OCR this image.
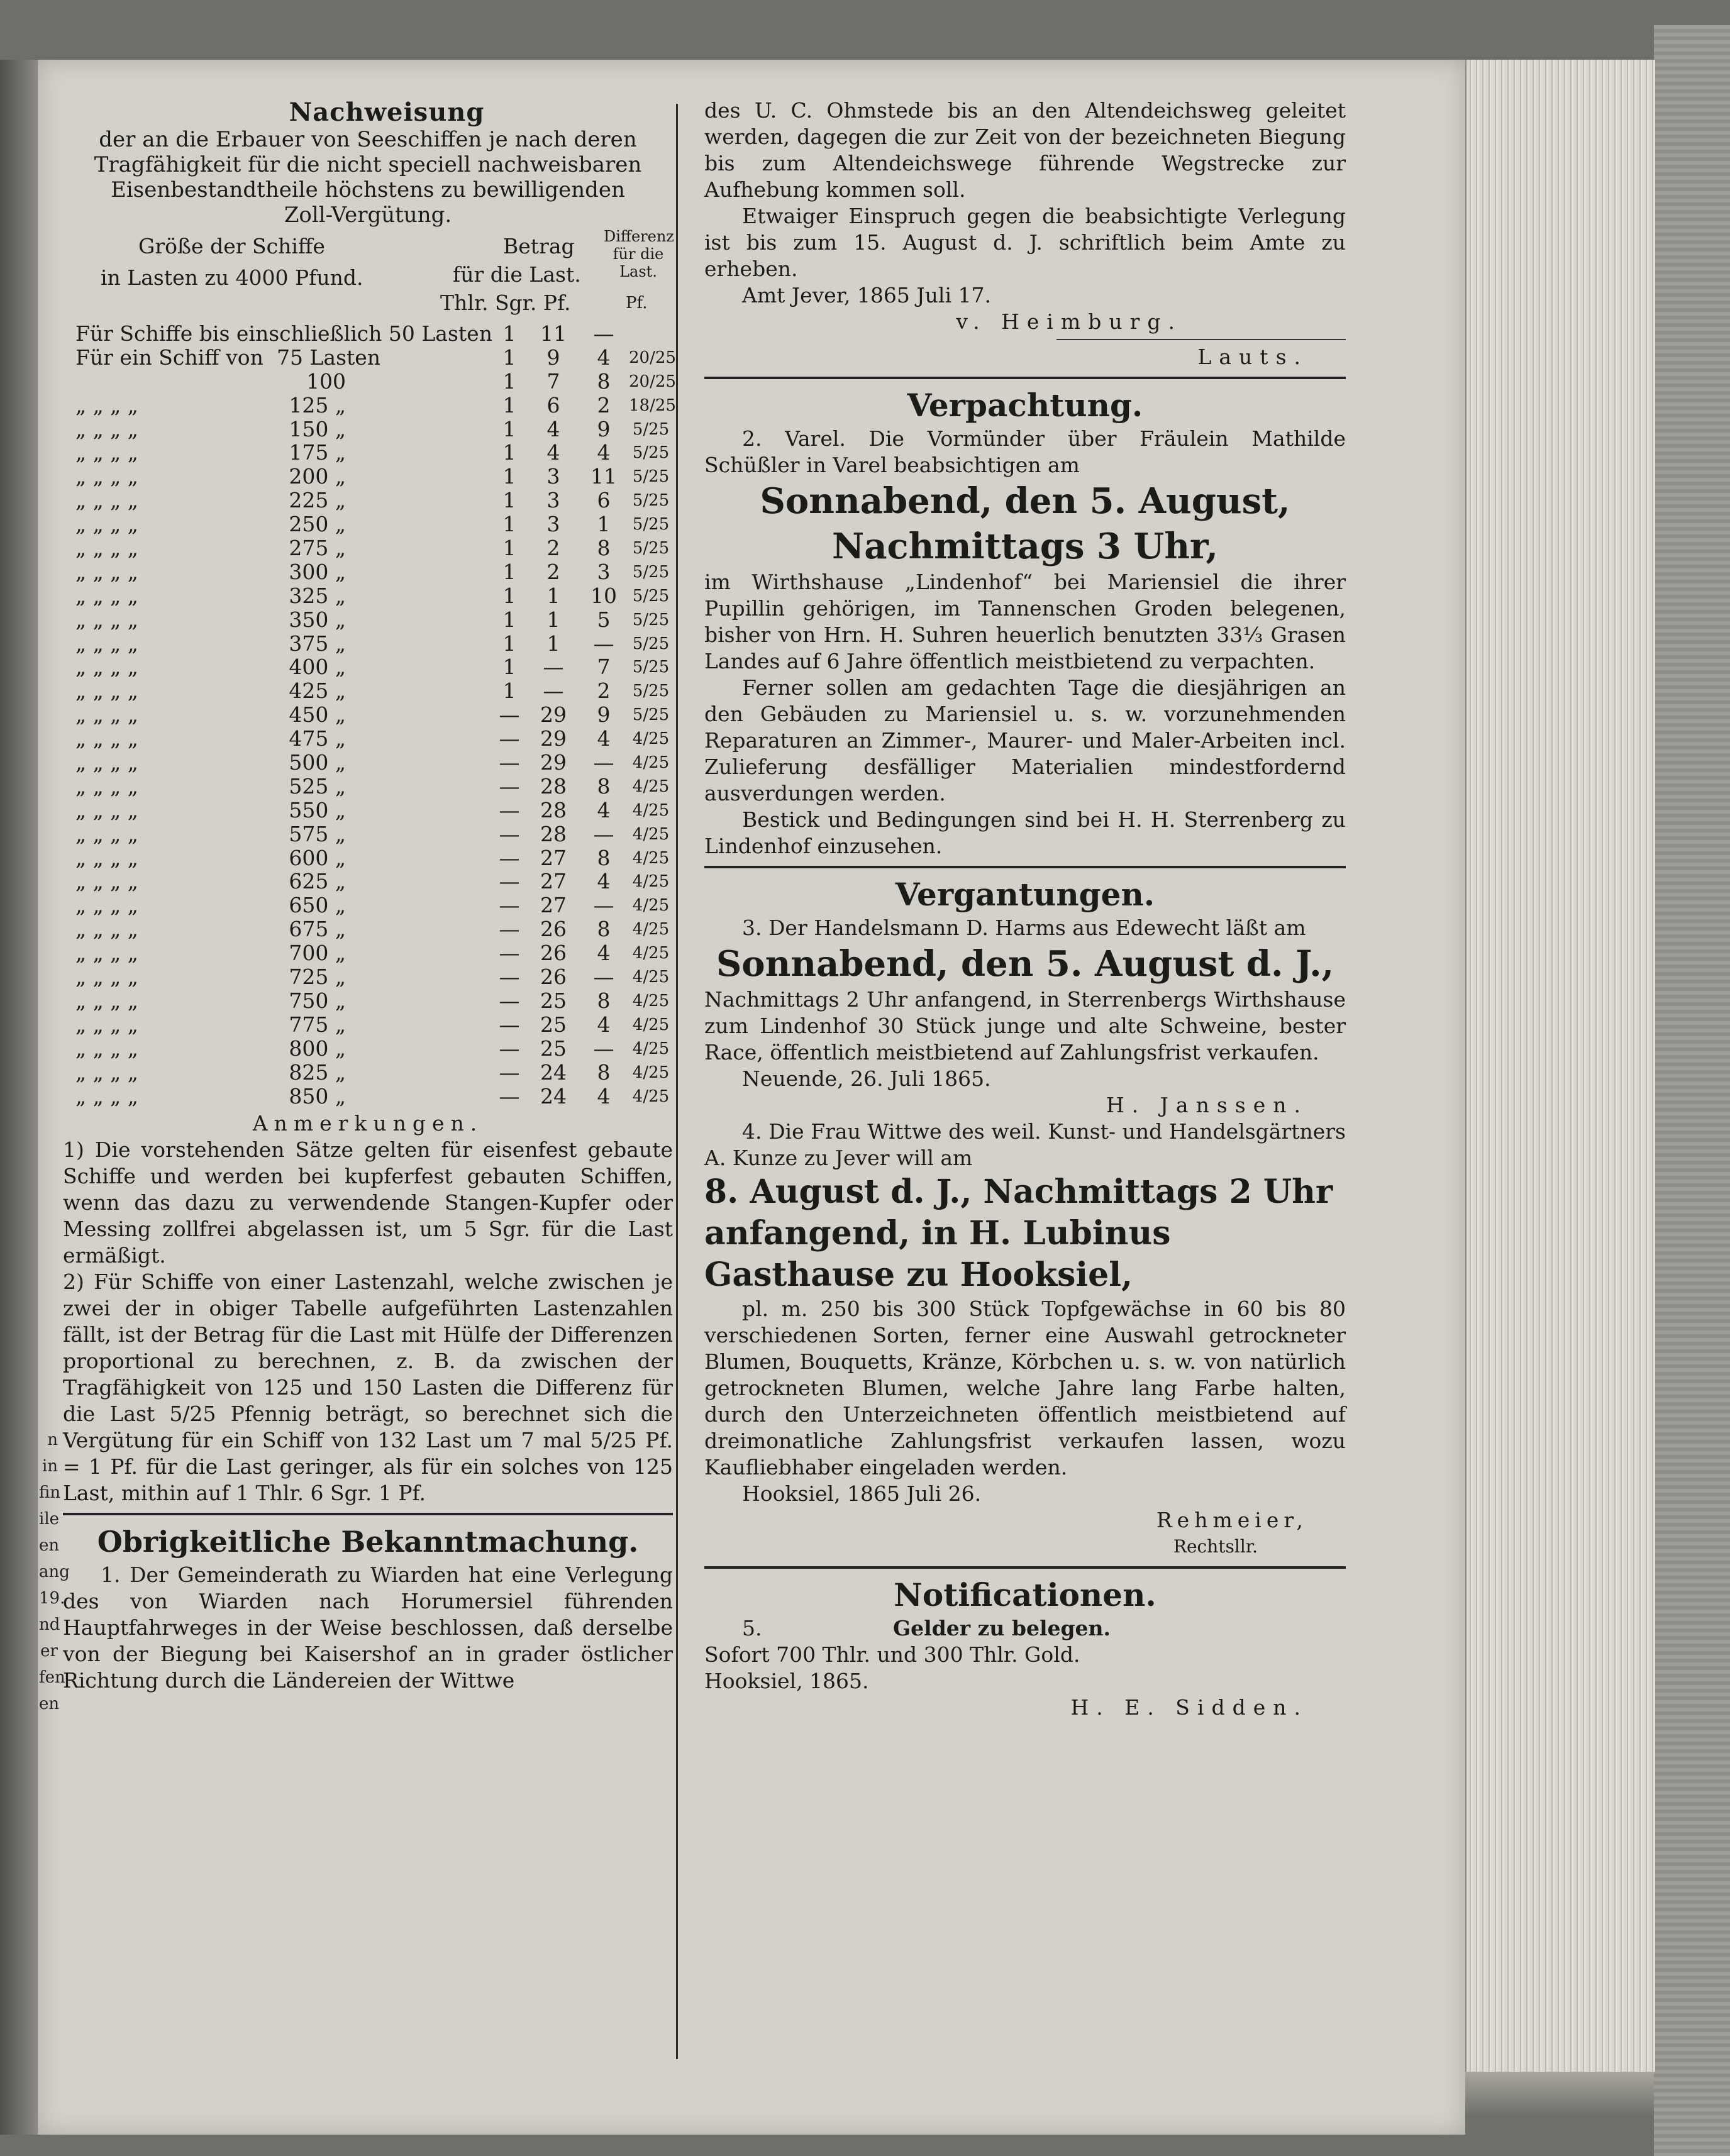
n
in
fin
ile
en
ang
19.
nd
er
fen
en
Nachweisung

der an die Erbauer von Seeschiffen je nach deren

Tragfähigkeit für die nicht speciell nachweisbaren

Eisenbestandtheile höchstens zu bewilligenden

Zoll-Vergütung.

Größe der Schiffe
in Lasten zu 4000 Pfund.
Betrag
für die Last.
Thlr. Sgr. Pf.
Differenz für die Last.
Pf.
Für Schiffe bis einschließlich 50 Lasten 1	11	—
Für ein Schiff von 75 Lasten	1	9	4	20/25
100	1	7	8	20/25
„ „ „ „	125 „	1	6	2	18/25
„ „ „ „	150 „	1	4	9	5/25
„ „ „ „	175 „	1	4	4	5/25
„ „ „ „	200 „	1	3	11 5/25
„ „ „ „	225 „	1	3	6	5/25
„ „ „ „	250 „	1	3	1	5/25
„ „ „ „	275 „	1	2	8	5/25
„ „ „ „	300 „	1	2	3	5/25
„ „ „ „	325 „	1	1	10 5/25
„ „ „ „	350 „	1	1	5	5/25
„ „ „ „	375 „	1	1	—	5/25
„ „ „ „	400 „	1	—	7	5/25
„ „ „ „	425 „	1	—	2	5/25
„ „ „ „	450 „	— 29	9	5/25
„ „ „ „	475 „	— 29	4	4/25
„ „ „ „	500 „	— 29	—	4/25
„ „ „ „	525 „	— 28	8	4/25
„ „ „ „	550 „	— 28	4	4/25
„ „ „ „	575 „	— 28	—	4/25
„ „ „ „	600 „	— 27	8	4/25
„ „ „ „	625 „	— 27	4	4/25
„ „ „ „	650 „	— 27	—	4/25
„ „ „ „	675 „	— 26	8	4/25
„ „ „ „	700 „	— 26	4	4/25
„ „ „ „	725 „	— 26	—	4/25
„ „ „ „	750 „	— 25	8	4/25
„ „ „ „	775 „	— 25	4	4/25
„ „ „ „	800 „	— 25	—	4/25
„ „ „ „	825 „	— 24	8	4/25
„ „ „ „	850 „	— 24	4	4/25
Anmerkungen.
1) Die vorstehenden Sätze gelten für eisenfest gebaute Schiffe und werden bei kupferfest gebauten Schiffen, wenn das dazu zu verwendende Stangen-Kupfer oder Messing zollfrei abgelassen ist, um 5 Sgr. für die Last ermäßigt.
2) Für Schiffe von einer Lastenzahl, welche zwischen je zwei der in obiger Tabelle aufgeführten Lastenzahlen fällt, ist der Betrag für die Last mit Hülfe der Differenzen proportional zu berechnen, z. B. da zwischen der Tragfähigkeit von 125 und 150 Lasten die Differenz für die Last 5/25 Pfennig beträgt, so berechnet sich die Vergütung für ein Schiff von 132 Last um 7 mal 5/25 Pf. = 1 Pf. für die Last geringer, als für ein solches von 125 Last, mithin auf 1 Thlr. 6 Sgr. 1 Pf.
Obrigkeitliche Bekanntmachung.
1. Der Gemeinderath zu Wiarden hat eine Verlegung des von Wiarden nach Horumersiel führenden Hauptfahrweges in der Weise beschlossen, daß derselbe von der Biegung bei Kaisershof an in grader östlicher Richtung durch die Ländereien der Wittwe
des U. C. Ohmstede bis an den Altendeichsweg geleitet werden, dagegen die zur Zeit von der bezeichneten Biegung bis zum Altendeichswege führende Wegstrecke zur Aufhebung kommen soll.
Etwaiger Einspruch gegen die beabsichtigte Verlegung ist bis zum 15. August d. J. schriftlich beim Amte zu erheben.
Amt Jever, 1865 Juli 17.
v. Heimburg.
Lauts.
Verpachtung.
2. Varel. Die Vormünder über Fräulein Mathilde Schüßler in Varel beabsichtigen am
Sonnabend, den 5. August,
Nachmittags 3 Uhr,
im Wirthshause „Lindenhof“ bei Mariensiel die ihrer Pupillin gehörigen, im Tannenschen Groden belegenen, bisher von Hrn. H. Suhren heuerlich benutzten 33⅓ Grasen Landes auf 6 Jahre öffentlich meistbietend zu verpachten.
Ferner sollen am gedachten Tage die diesjährigen an den Gebäuden zu Mariensiel u. s. w. vorzunehmenden Reparaturen an Zimmer-, Maurer- und Maler-Arbeiten incl. Zulieferung desfälliger Materialien mindestfordernd ausverdungen werden.
Bestick und Bedingungen sind bei H. H. Sterrenberg zu Lindenhof einzusehen.
Vergantungen.
3. Der Handelsmann D. Harms aus Edewecht läßt am
Sonnabend, den 5. August d. J.,
Nachmittags 2 Uhr anfangend, in Sterrenbergs Wirthshause zum Lindenhof 30 Stück junge und alte Schweine, bester Race, öffentlich meistbietend auf Zahlungsfrist verkaufen.
Neuende, 26. Juli 1865.
H. Janssen.
4. Die Frau Wittwe des weil. Kunst- und Handelsgärtners A. Kunze zu Jever will am
8. August d. J., Nachmittags 2 Uhr anfangend, in H. Lubinus Gasthause zu Hooksiel,
pl. m. 250 bis 300 Stück Topfgewächse in 60 bis 80 verschiedenen Sorten, ferner eine Auswahl getrockneter Blumen, Bouquetts, Kränze, Körbchen u. s. w. von natürlich getrockneten Blumen, welche Jahre lang Farbe halten, durch den Unterzeichneten öffentlich meistbietend auf dreimonatliche Zahlungsfrist verkaufen lassen, wozu Kaufliebhaber eingeladen werden.
Hooksiel, 1865 Juli 26.
Rehmeier,
Rechtsllr.
Notificationen.
5.	Gelder zu belegen.
Sofort 700 Thlr. und 300 Thlr. Gold.
Hooksiel, 1865.
H. E. Sidden.
